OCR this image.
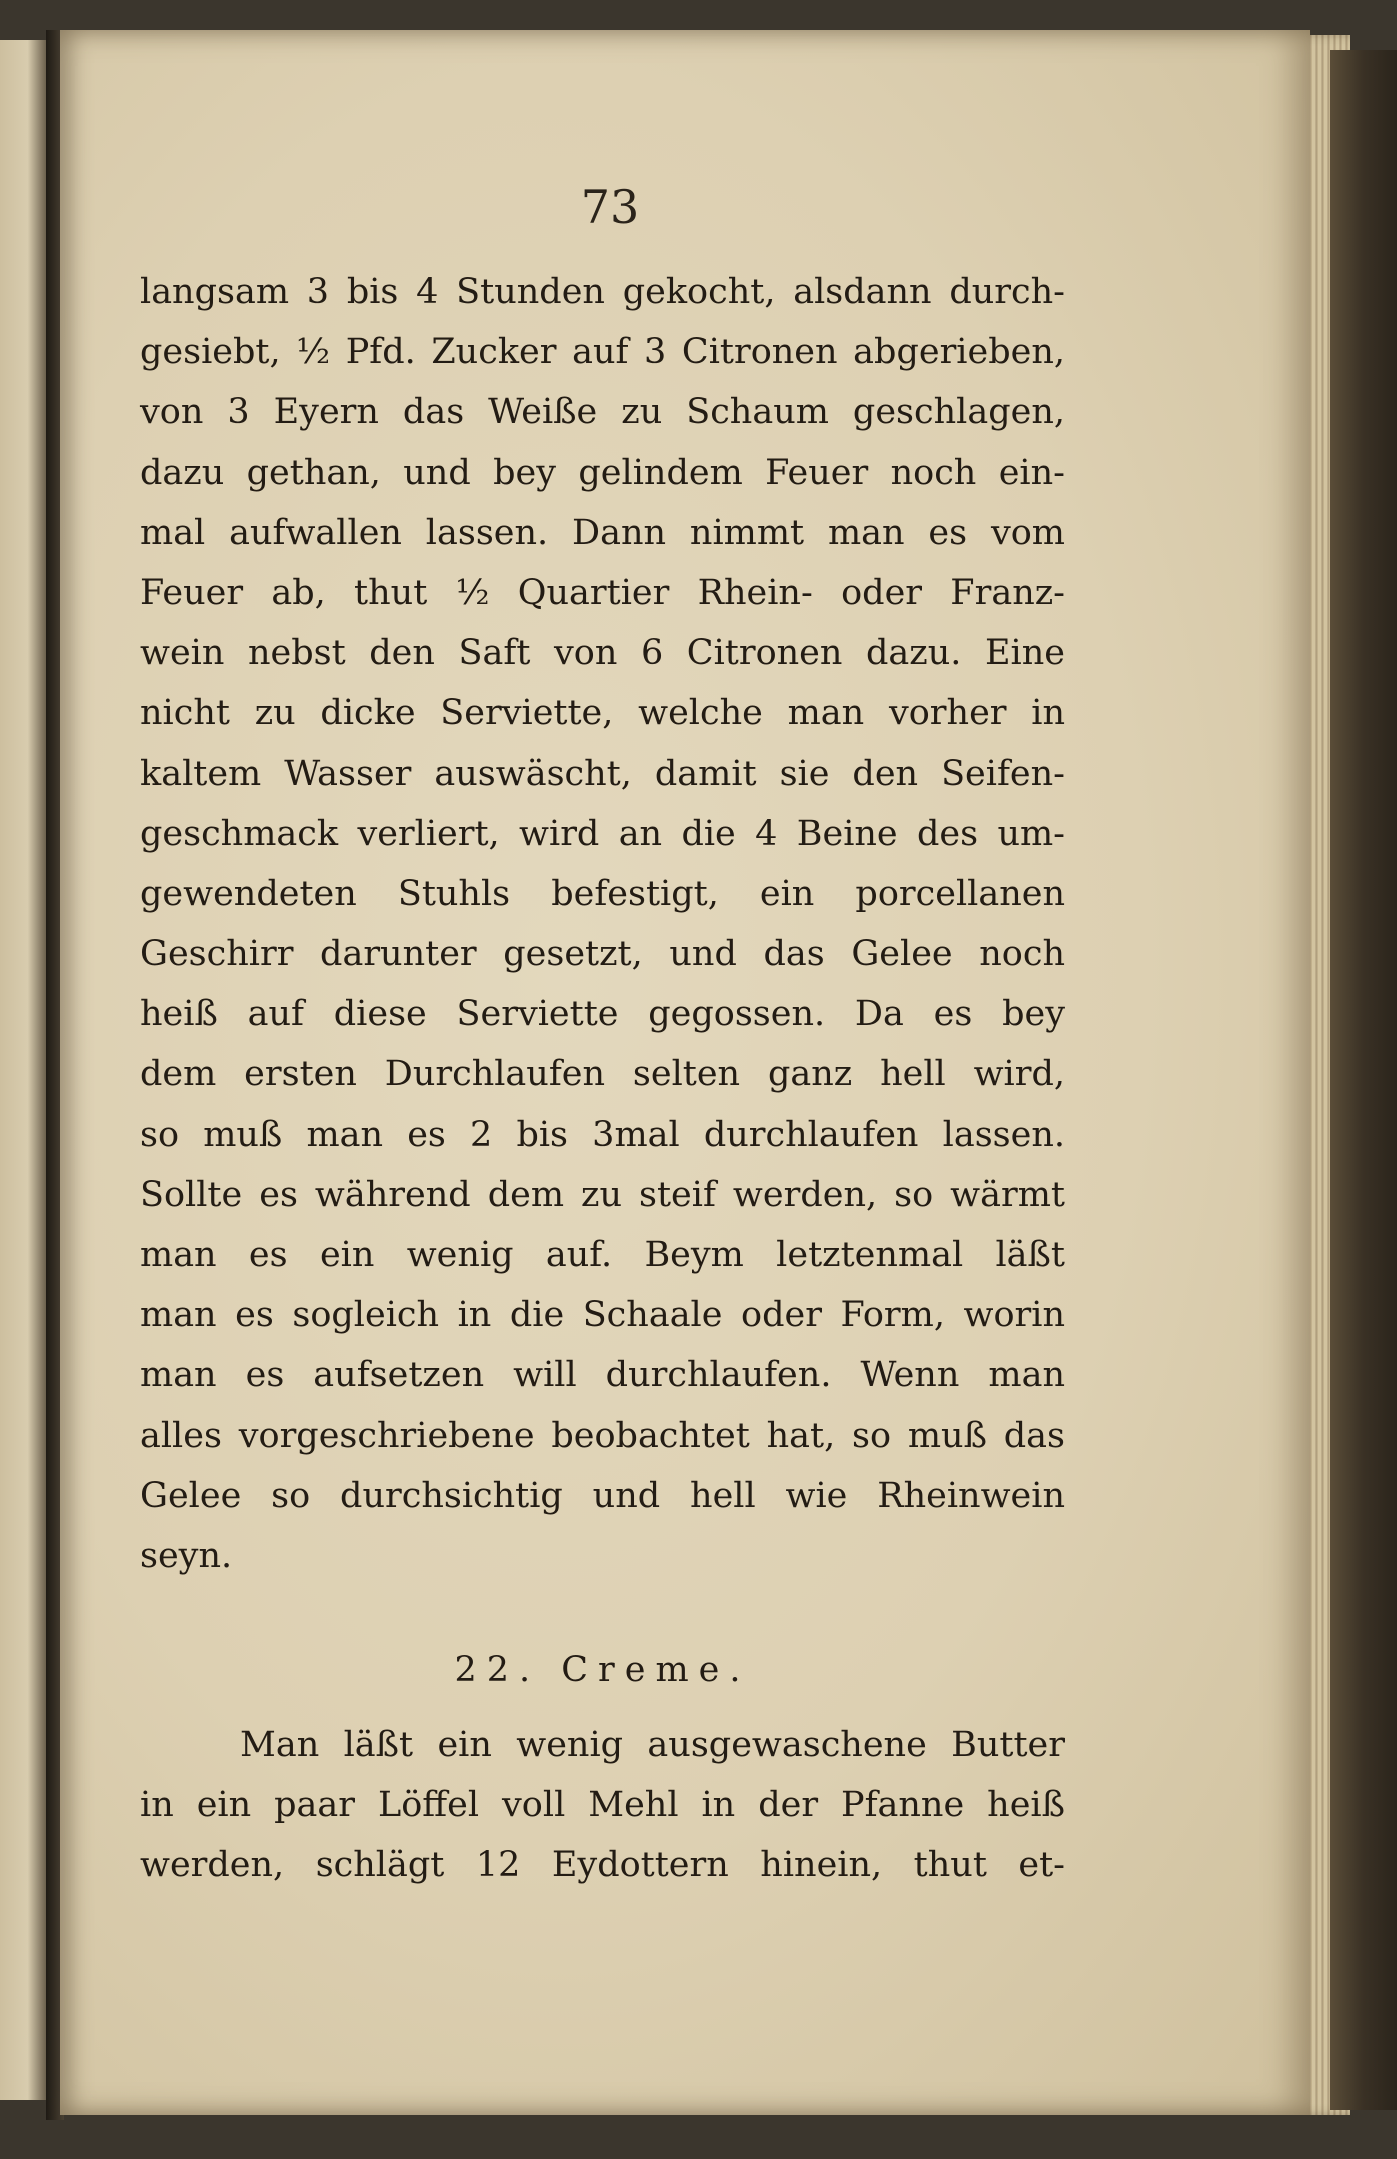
73
langsam 3 bis 4 Stunden gekocht, alsdann durch-
gesiebt, ½ Pfd. Zucker auf 3 Citronen abgerieben,
von 3 Eyern das Weiße zu Schaum geschlagen,
dazu gethan, und bey gelindem Feuer noch ein-
mal aufwallen lassen. Dann nimmt man es vom
Feuer ab, thut ½ Quartier Rhein- oder Franz-
wein nebst den Saft von 6 Citronen dazu. Eine
nicht zu dicke Serviette, welche man vorher in
kaltem Wasser auswäscht, damit sie den Seifen-
geschmack verliert, wird an die 4 Beine des um-
gewendeten Stuhls befestigt, ein porcellanen
Geschirr darunter gesetzt, und das Gelee noch
heiß auf diese Serviette gegossen. Da es bey
dem ersten Durchlaufen selten ganz hell wird,
so muß man es 2 bis 3mal durchlaufen lassen.
Sollte es während dem zu steif werden, so wärmt
man es ein wenig auf. Beym letztenmal läßt
man es sogleich in die Schaale oder Form, worin
man es aufsetzen will durchlaufen. Wenn man
alles vorgeschriebene beobachtet hat, so muß das
Gelee so durchsichtig und hell wie Rheinwein
seyn.
22. Creme.
Man läßt ein wenig ausgewaschene Butter
in ein paar Löffel voll Mehl in der Pfanne heiß
werden, schlägt 12 Eydottern hinein, thut et-
